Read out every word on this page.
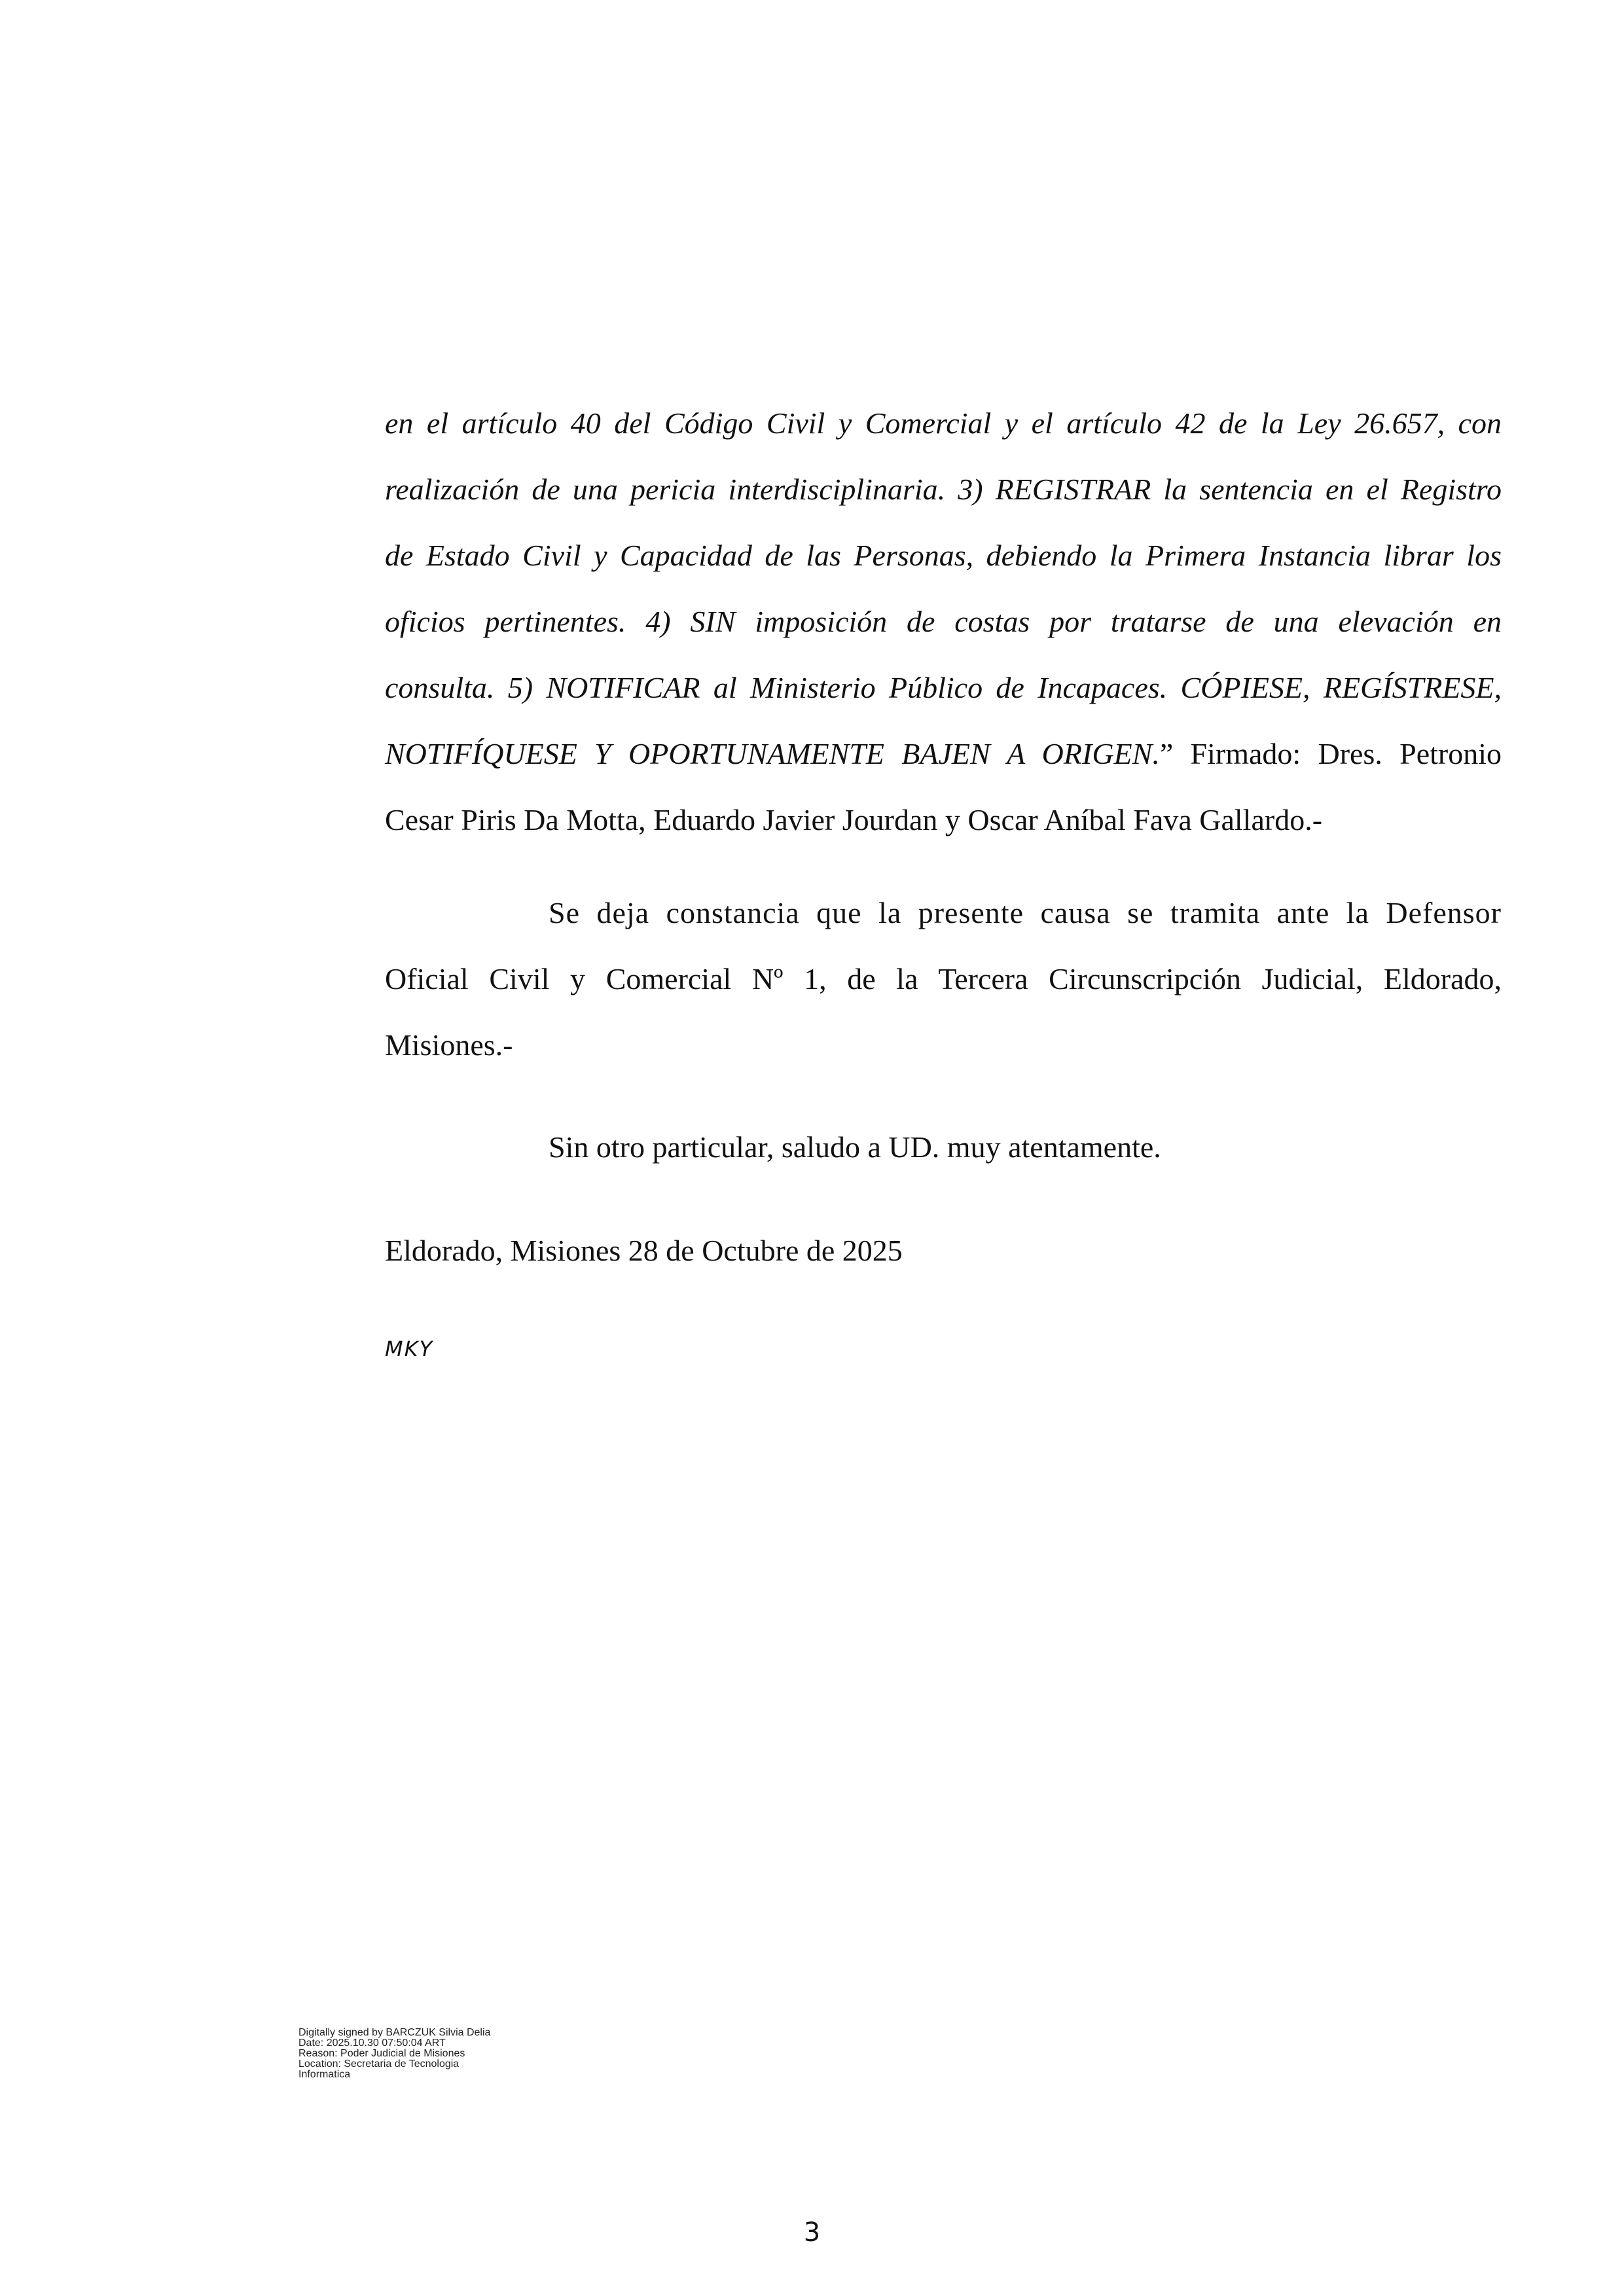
en el artículo 40 del Código Civil y Comercial y el artículo 42 de la Ley 26.657, con
realización de una pericia interdisciplinaria. 3) REGISTRAR la sentencia en el Registro
de Estado Civil y Capacidad de las Personas, debiendo la Primera Instancia librar los
oficios pertinentes. 4) SIN imposición de costas por tratarse de una elevación en
consulta. 5) NOTIFICAR al Ministerio Público de Incapaces. CÓPIESE, REGÍSTRESE,
NOTIFÍQUESE Y OPORTUNAMENTE BAJEN A ORIGEN.” Firmado: Dres. Petronio
Cesar Piris Da Motta, Eduardo Javier Jourdan y Oscar Aníbal Fava Gallardo.-
Se deja constancia que la presente causa se tramita ante la Defensor
Oficial Civil y Comercial Nº 1, de la Tercera Circunscripción Judicial, Eldorado,
Misiones.-
Sin otro particular, saludo a UD. muy atentamente.
Eldorado, Misiones 28 de Octubre de 2025
MKY
Digitally signed by BARCZUK Silvia Delia
Date: 2025.10.30 07:50:04 ART
Reason: Poder Judicial de Misiones
Location: Secretaria de Tecnologia
Informatica
3
